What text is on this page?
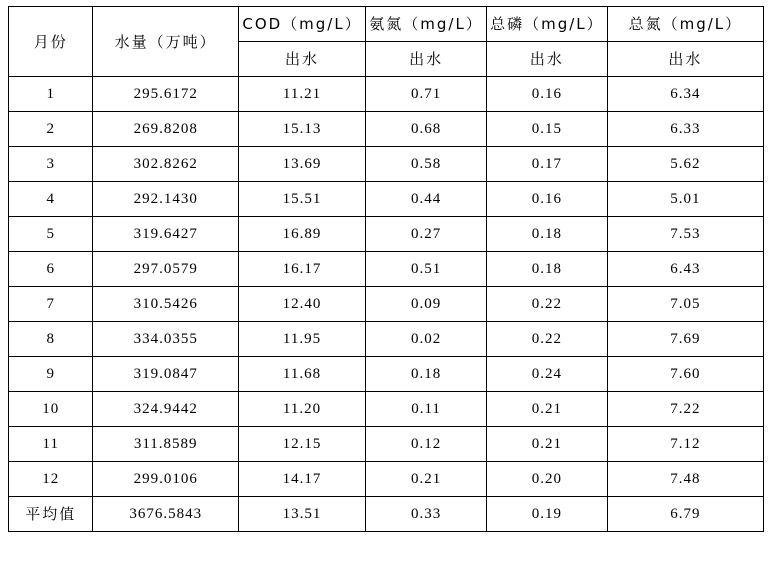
月份	水量（万吨）	COD（mg/L）	氨氮（mg/L）	总磷（mg/L）	总氮（mg/L）
		出水	出水	出水	出水
1	295.6172	11.21	0.71	0.16	6.34
2	269.8208	15.13	0.68	0.15	6.33
3	302.8262	13.69	0.58	0.17	5.62
4	292.1430	15.51	0.44	0.16	5.01
5	319.6427	16.89	0.27	0.18	7.53
6	297.0579	16.17	0.51	0.18	6.43
7	310.5426	12.40	0.09	0.22	7.05
8	334.0355	11.95	0.02	0.22	7.69
9	319.0847	11.68	0.18	0.24	7.60
10	324.9442	11.20	0.11	0.21	7.22
11	311.8589	12.15	0.12	0.21	7.12
12	299.0106	14.17	0.21	0.20	7.48
平均值	3676.5843	13.51	0.33	0.19	6.79
